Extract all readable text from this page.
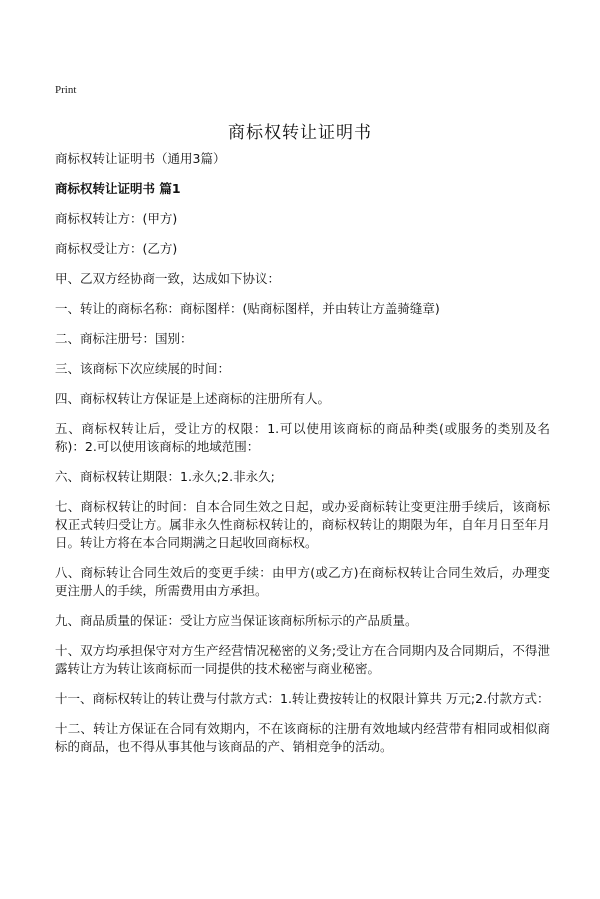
Print
商标权转让证明书

商标权转让证明书（通用3篇）

商标权转让证明书 篇1

商标权转让方：(甲方)

商标权受让方：(乙方)

甲、乙双方经协商一致，达成如下协议：

一、转让的商标名称：商标图样：(贴商标图样，并由转让方盖骑缝章)

二、商标注册号：国别：

三、该商标下次应续展的时间：

四、商标权转让方保证是上述商标的注册所有人。

五、商标权转让后，受让方的权限：1.可以使用该商标的商品种类(或服务的类别及名称)：2.可以使用该商标的地域范围：

六、商标权转让期限：1.永久;2.非永久;

七、商标权转让的时间：自本合同生效之日起，或办妥商标转让变更注册手续后，该商标权正式转归受让方。属非永久性商标权转让的，商标权转让的期限为年，自年月日至年月日。转让方将在本合同期满之日起收回商标权。

八、商标转让合同生效后的变更手续：由甲方(或乙方)在商标权转让合同生效后，办理变更注册人的手续，所需费用由方承担。

九、商品质量的保证：受让方应当保证该商标所标示的产品质量。

十、双方均承担保守对方生产经营情况秘密的义务;受让方在合同期内及合同期后，不得泄露转让方为转让该商标而一同提供的技术秘密与商业秘密。

十一、商标权转让的转让费与付款方式：1.转让费按转让的权限计算共 万元;2.付款方式：

十二、转让方保证在合同有效期内，不在该商标的注册有效地域内经营带有相同或相似商标的商品，也不得从事其他与该商品的产、销相竞争的活动。
